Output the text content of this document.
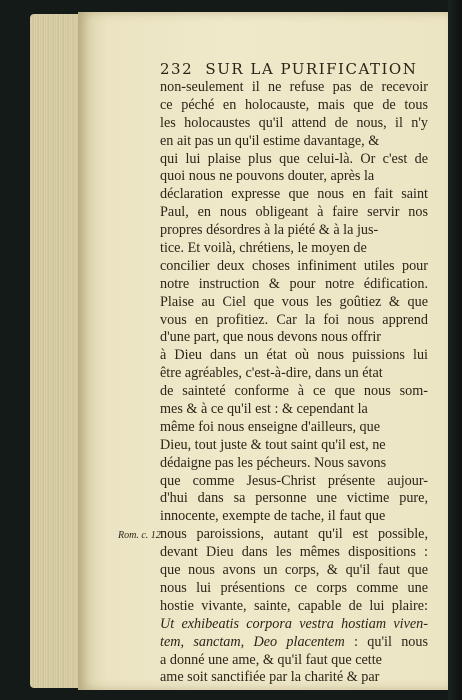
232 SUR LA PURIFICATION
Rom. c. 12.
non-seulement il ne refuse pas de recevoir
ce péché en holocauste, mais que de tous
les holocaustes qu'il attend de nous, il n'y
en ait pas un qu'il estime davantage, &
qui lui plaise plus que celui-là. Or c'est de
quoi nous ne pouvons douter, après la
déclaration expresse que nous en fait saint
Paul, en nous obligeant à faire servir nos
propres désordres à la piété & à la jus-
tice. Et voilà, chrétiens, le moyen de
concilier deux choses infiniment utiles pour
notre instruction & pour notre édification.
Plaise au Ciel que vous les goûtiez & que
vous en profitiez. Car la foi nous apprend
d'une part, que nous devons nous offrir
à Dieu dans un état où nous puissions lui
être agréables, c'est-à-dire, dans un état
de sainteté conforme à ce que nous som-
mes & à ce qu'il est : & cependant la
même foi nous enseigne d'ailleurs, que
Dieu, tout juste & tout saint qu'il est, ne
dédaigne pas les pécheurs. Nous savons
que comme Jesus-Christ présente aujour-
d'hui dans sa personne une victime pure,
innocente, exempte de tache, il faut que
nous paroissions, autant qu'il est possible,
devant Dieu dans les mêmes dispositions :
que nous avons un corps, & qu'il faut que
nous lui présentions ce corps comme une
hostie vivante, sainte, capable de lui plaire:
Ut exhibeatis corpora vestra hostiam viven-
tem, sanctam, Deo placentem : qu'il nous
a donné une ame, & qu'il faut que cette
ame soit sanctifiée par la charité & par
